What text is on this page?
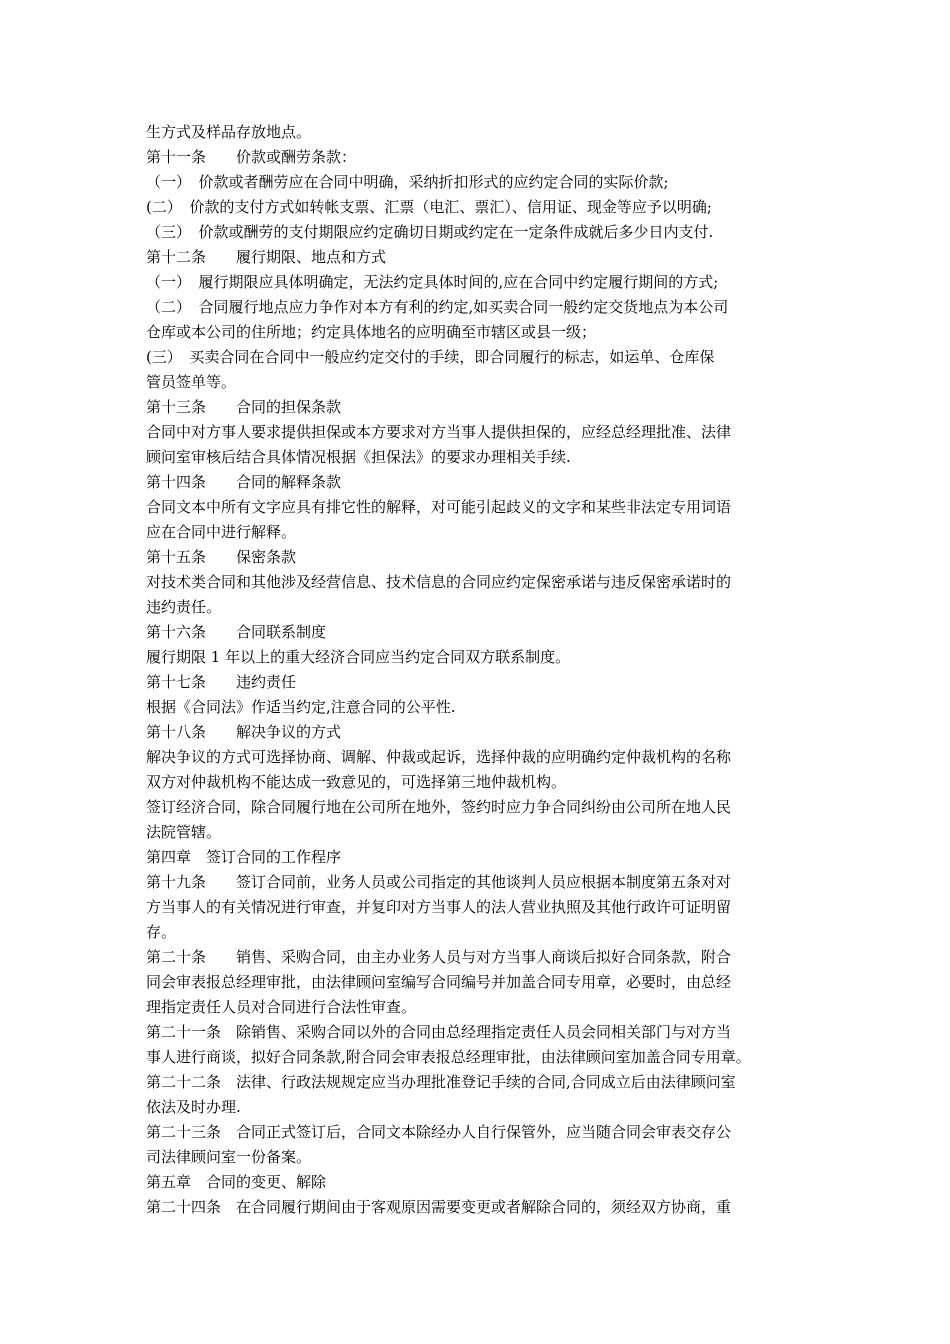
生方式及样品存放地点。
第十一条　　价款或酬劳条款：
（一）　价款或者酬劳应在合同中明确，采纳折扣形式的应约定合同的实际价款;
(二）　价款的支付方式如转帐支票、汇票（电汇、票汇）、信用证、现金等应予以明确;
（三）　价款或酬劳的支付期限应约定确切日期或约定在一定条件成就后多少日内支付.
第十二条　　履行期限、地点和方式
（一）　履行期限应具体明确定，无法约定具体时间的,应在合同中约定履行期间的方式;
（二）　合同履行地点应力争作对本方有利的约定,如买卖合同一般约定交货地点为本公司
仓库或本公司的住所地；约定具体地名的应明确至市辖区或县一级；
(三）　买卖合同在合同中一般应约定交付的手续，即合同履行的标志，如运单、仓库保
管员签单等。
第十三条　　合同的担保条款
合同中对方事人要求提供担保或本方要求对方当事人提供担保的，应经总经理批准、法律
顾问室审核后结合具体情况根据《担保法》的要求办理相关手续.
第十四条　　合同的解释条款
合同文本中所有文字应具有排它性的解释，对可能引起歧义的文字和某些非法定专用词语
应在合同中进行解释。
第十五条　　保密条款
对技术类合同和其他涉及经营信息、技术信息的合同应约定保密承诺与违反保密承诺时的
违约责任。
第十六条　　合同联系制度
履行期限 1 年以上的重大经济合同应当约定合同双方联系制度。
第十七条　　违约责任
根据《合同法》作适当约定,注意合同的公平性.
第十八条　　解决争议的方式
解决争议的方式可选择协商、调解、仲裁或起诉，选择仲裁的应明确约定仲裁机构的名称
双方对仲裁机构不能达成一致意见的，可选择第三地仲裁机构。
签订经济合同，除合同履行地在公司所在地外，签约时应力争合同纠纷由公司所在地人民
法院管辖。
第四章　签订合同的工作程序
第十九条　　签订合同前，业务人员或公司指定的其他谈判人员应根据本制度第五条对对
方当事人的有关情况进行审查，并复印对方当事人的法人营业执照及其他行政许可证明留
存。
第二十条　　销售、采购合同，由主办业务人员与对方当事人商谈后拟好合同条款，附合
同会审表报总经理审批，由法律顾问室编写合同编号并加盖合同专用章，必要时，由总经
理指定责任人员对合同进行合法性审查。
第二十一条　除销售、采购合同以外的合同由总经理指定责任人员会同相关部门与对方当
事人进行商谈，拟好合同条款,附合同会审表报总经理审批，由法律顾问室加盖合同专用章。
第二十二条　法律、行政法规规定应当办理批准登记手续的合同,合同成立后由法律顾问室
依法及时办理.
第二十三条　合同正式签订后，合同文本除经办人自行保管外，应当随合同会审表交存公
司法律顾问室一份备案。
第五章　合同的变更、解除
第二十四条　在合同履行期间由于客观原因需要变更或者解除合同的，须经双方协商，重
